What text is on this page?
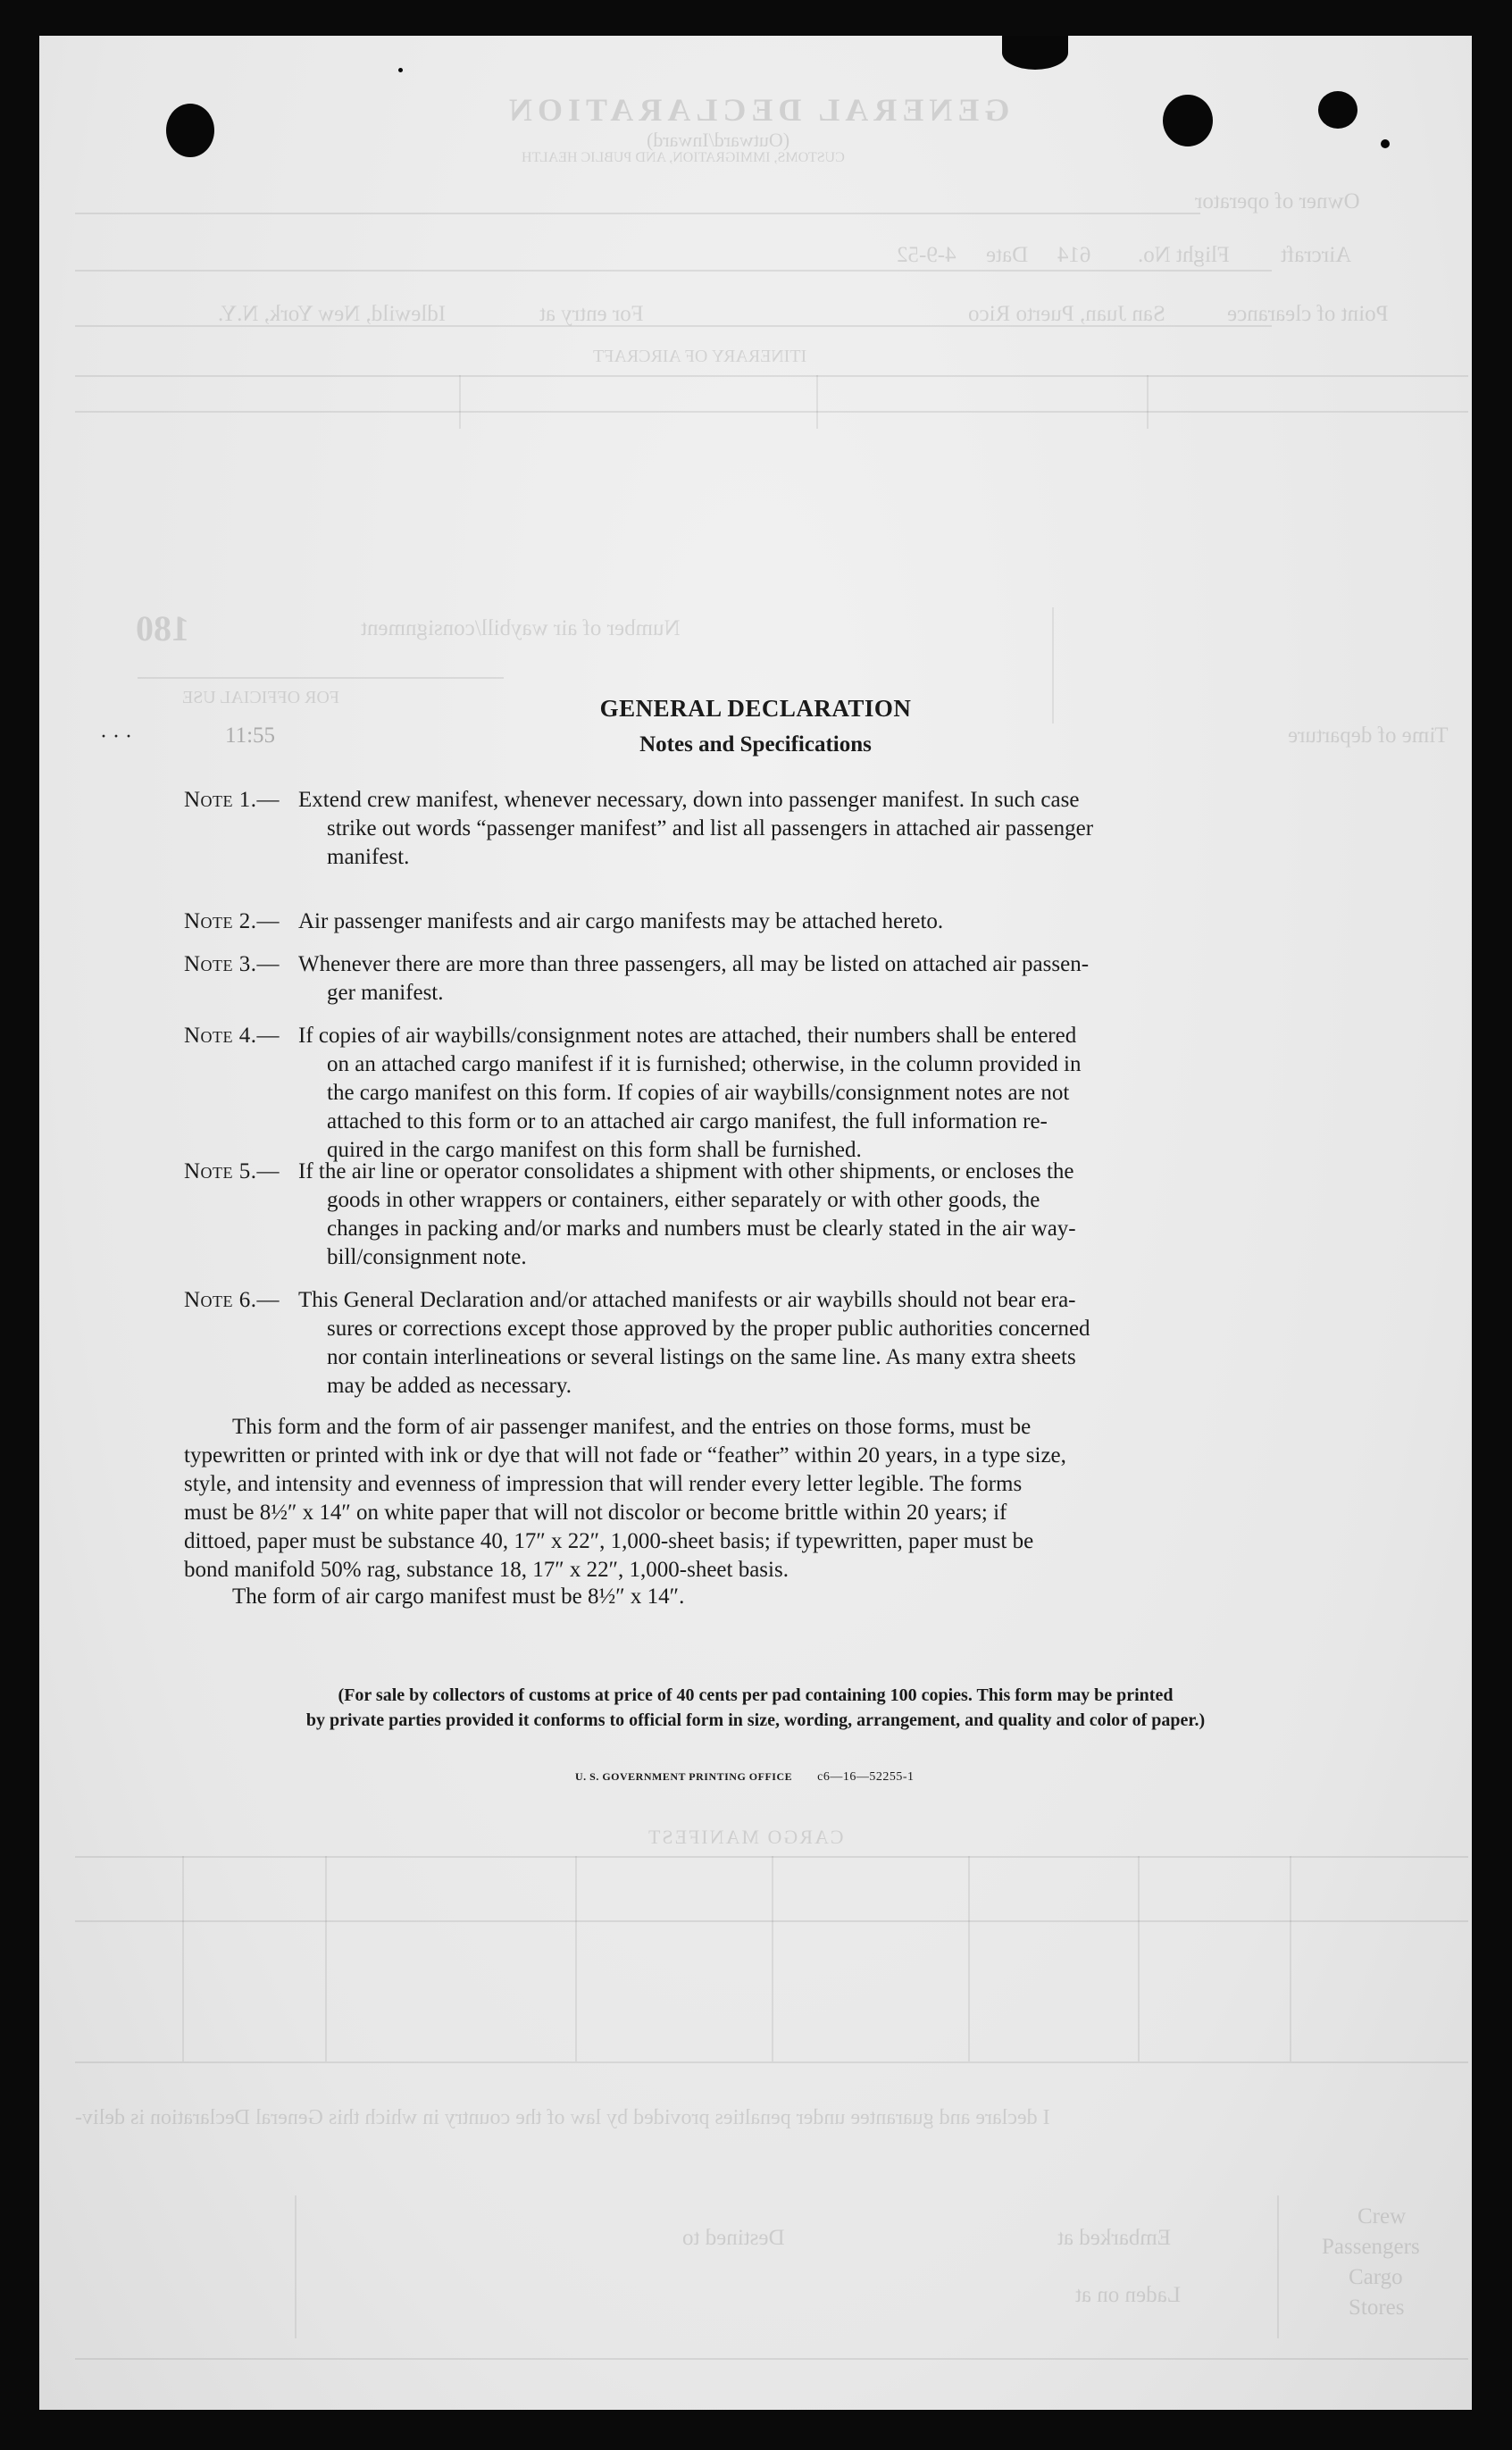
GENERAL DECLARATION
(Outward/Inward)
CUSTOMS, IMMIGRATION, AND PUBLIC HEALTH
Owner of operator
Aircraft
4-9-52 Date 614 Flight No.
Point of clearance
San Juan, Puerto Rico
For entry at
Idlewild, New York, N.Y.
ITINERARY OF AIRCRAFT
Number of air waybill/consignment
180
FOR OFFICIAL USE
Time of departure
11:55
CARGO MANIFEST
I declare and guarantee under penalties provided by law of the country in which this General Declaration is deliv-
Embarked at
Destined to
Laden on at
Crew
Passengers
Cargo
Stores
GENERAL DECLARATION
Notes and Specifications
· · ·
Note 1.— Extend crew manifest, whenever necessary, down into passenger manifest. In such case
strike out words “passenger manifest” and list all passengers in attached air passenger
manifest.
Note 2.— Air passenger manifests and air cargo manifests may be attached hereto.
Note 3.— Whenever there are more than three passengers, all may be listed on attached air passen-
ger manifest.
Note 4.— If copies of air waybills/consignment notes are attached, their numbers shall be entered
on an attached cargo manifest if it is furnished; otherwise, in the column provided in
the cargo manifest on this form. If copies of air waybills/consignment notes are not
attached to this form or to an attached air cargo manifest, the full information re-
quired in the cargo manifest on this form shall be furnished.
Note 5.— If the air line or operator consolidates a shipment with other shipments, or encloses the
goods in other wrappers or containers, either separately or with other goods, the
changes in packing and/or marks and numbers must be clearly stated in the air way-
bill/consignment note.
Note 6.— This General Declaration and/or attached manifests or air waybills should not bear era-
sures or corrections except those approved by the proper public authorities concerned
nor contain interlineations or several listings on the same line. As many extra sheets
may be added as necessary.
This form and the form of air passenger manifest, and the entries on those forms, must be
typewritten or printed with ink or dye that will not fade or “feather” within 20 years, in a type size,
style, and intensity and evenness of impression that will render every letter legible. The forms
must be 8½″ x 14″ on white paper that will not discolor or become brittle within 20 years; if
dittoed, paper must be substance 40, 17″ x 22″, 1,000-sheet basis; if typewritten, paper must be
bond manifold 50% rag, substance 18, 17″ x 22″, 1,000-sheet basis.
The form of air cargo manifest must be 8½″ x 14″.
(For sale by collectors of customs at price of 40 cents per pad containing 100 copies. This form may be printed
by private parties provided it conforms to official form in size, wording, arrangement, and quality and color of paper.)
U. S. GOVERNMENT PRINTING OFFICE c6—16—52255-1
